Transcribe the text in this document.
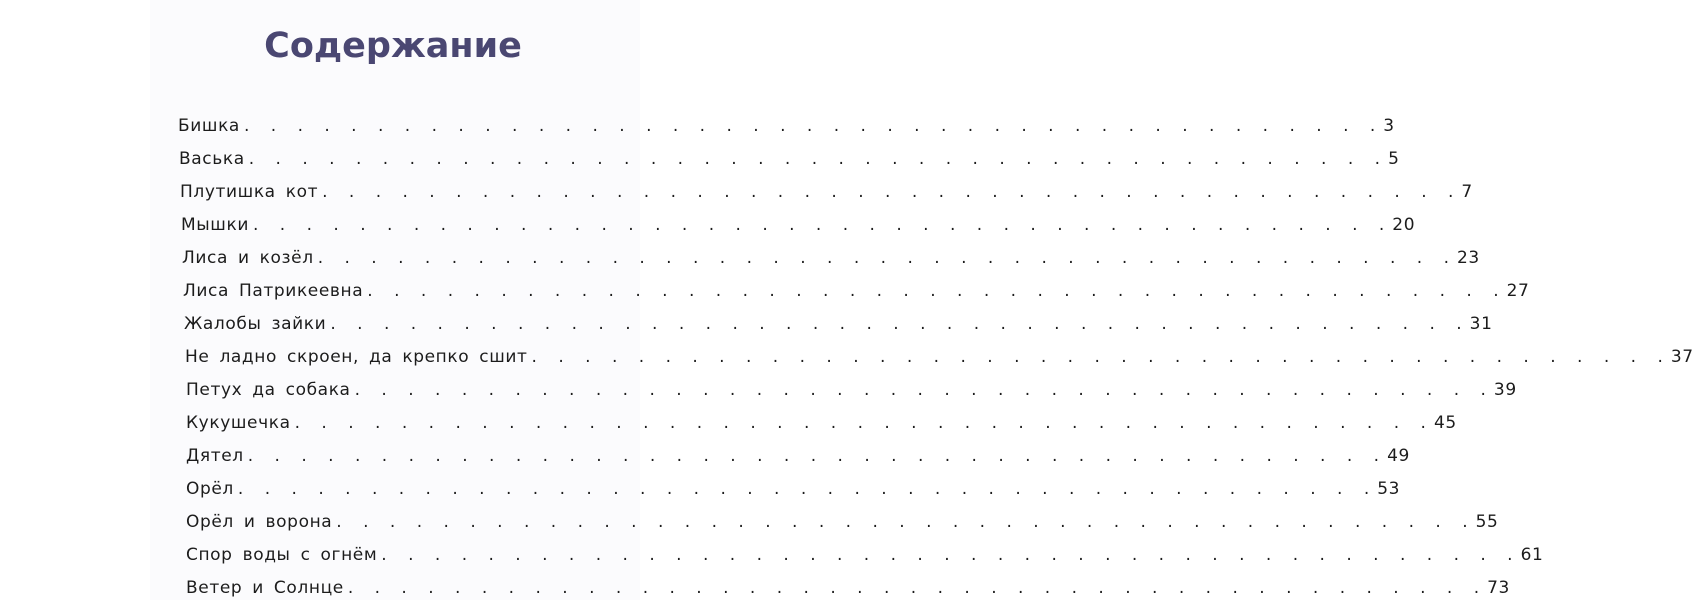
Содержание
Бишка . . . . . . . . . . . . . . . . . . . . . . . . . . . . . . . . . . . . . . . . . . . 3
Васька . . . . . . . . . . . . . . . . . . . . . . . . . . . . . . . . . . . . . . . . . . . 5
Плутишка кот . . . . . . . . . . . . . . . . . . . . . . . . . . . . . . . . . . . . . . . . . . . 7
Мышки . . . . . . . . . . . . . . . . . . . . . . . . . . . . . . . . . . . . . . . . . . . 20
Лиса и козёл . . . . . . . . . . . . . . . . . . . . . . . . . . . . . . . . . . . . . . . . . . . 23
Лиса Патрикеевна . . . . . . . . . . . . . . . . . . . . . . . . . . . . . . . . . . . . . . . . . . . 27
Жалобы зайки . . . . . . . . . . . . . . . . . . . . . . . . . . . . . . . . . . . . . . . . . . . 31
Не ладно скроен, да крепко сшит . . . . . . . . . . . . . . . . . . . . . . . . . . . . . . . . . . . . . . . . . . . 37
Петух да собака . . . . . . . . . . . . . . . . . . . . . . . . . . . . . . . . . . . . . . . . . . . 39
Кукушечка . . . . . . . . . . . . . . . . . . . . . . . . . . . . . . . . . . . . . . . . . . . 45
Дятел . . . . . . . . . . . . . . . . . . . . . . . . . . . . . . . . . . . . . . . . . . . 49
Орёл . . . . . . . . . . . . . . . . . . . . . . . . . . . . . . . . . . . . . . . . . . . 53
Орёл и ворона . . . . . . . . . . . . . . . . . . . . . . . . . . . . . . . . . . . . . . . . . . . 55
Спор воды с огнём . . . . . . . . . . . . . . . . . . . . . . . . . . . . . . . . . . . . . . . . . . . 61
Ветер и Солнце . . . . . . . . . . . . . . . . . . . . . . . . . . . . . . . . . . . . . . . . . . . 73
